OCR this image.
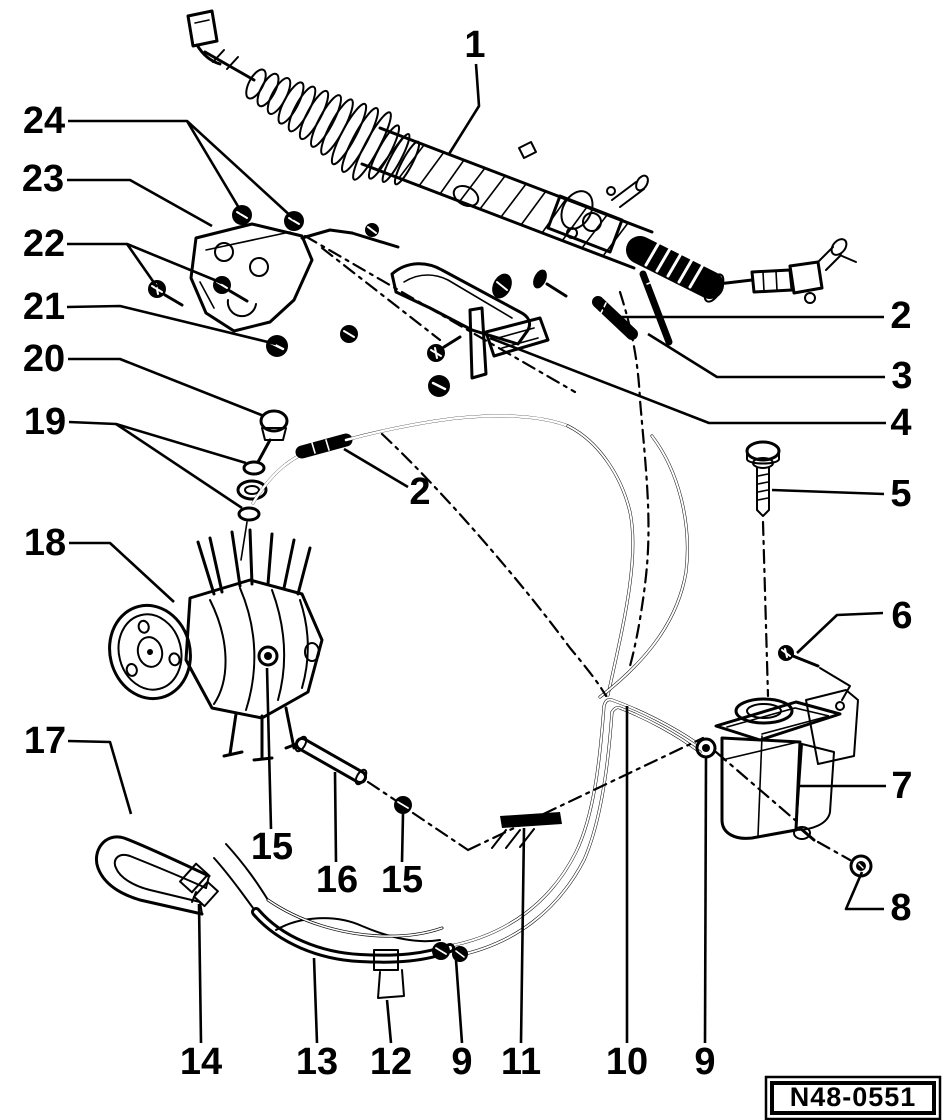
1
2
3
4
5
6
7
8
9	9
10
11
12
13
14
15
16 15
17
18
19
20
21
22
23
24
2
N48-0551
